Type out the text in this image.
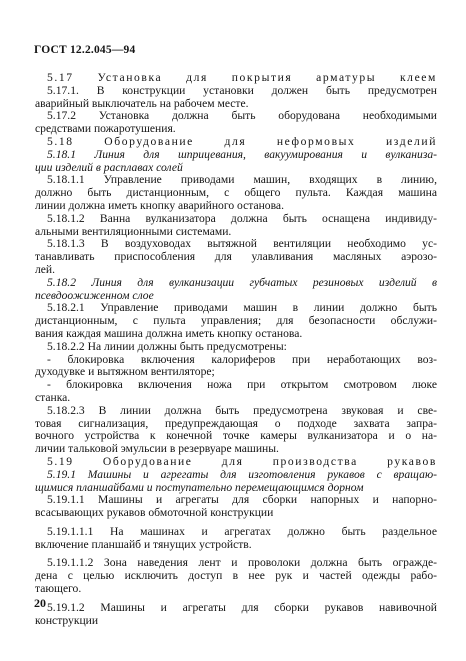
ГОСТ 12.2.045—94
5.17 Установка для покрытия арматуры клеем
5.17.1. В конструкции установки должен быть предусмотрен
аварийный выключатель на рабочем месте.
5.17.2 Установка должна быть оборудована необходимыми
средствами пожаротушения.
5.18 Оборудование для неформовых изделий
5.18.1 Линия для шприцевания, вакуумирования и вулканиза-
ции изделий в расплавах солей
5.18.1.1 Управление приводами машин, входящих в линию,
должно быть дистанционным, с общего пульта. Каждая машина
линии должна иметь кнопку аварийного останова.
5.18.1.2 Ванна вулканизатора должна быть оснащена индивиду-
альными вентиляционными системами.
5.18.1.3 В воздуховодах вытяжной вентиляции необходимо ус-
танавливать приспособления для улавливания масляных аэрозо-
лей.
5.18.2 Линия для вулканизации губчатых резиновых изделий в
псевдоожиженном слое
5.18.2.1 Управление приводами машин в линии должно быть
дистанционным, с пульта управления; для безопасности обслужи-
вания каждая машина должна иметь кнопку останова.
5.18.2.2 На линии должны быть предусмотрены:
- блокировка включения калориферов при неработающих воз-
духодувке и вытяжном вентиляторе;
- блокировка включения ножа при открытом смотровом люке
станка.
5.18.2.3 В линии должна быть предусмотрена звуковая и све-
товая сигнализация, предупреждающая о подходе захвата запра-
вочного устройства к конечной точке камеры вулканизатора и о на-
личии тальковой эмульсии в резервуаре машины.
5.19 Оборудование для производства рукавов
5.19.1 Машины и агрегаты для изготовления рукавов с вращаю-
щимися планшайбами и поступательно перемещающимся дорном
5.19.1.1 Машины и агрегаты для сборки напорных и напорно-
всасывающих рукавов обмоточной конструкции
5.19.1.1.1 На машинах и агрегатах должно быть раздельное
включение планшайб и тянущих устройств.
5.19.1.1.2 Зона наведения лент и проволоки должна быть огражде-
дена с целью исключить доступ в нее рук и частей одежды рабо-
тающего.
5.19.1.2 Машины и агрегаты для сборки рукавов навивочной
конструкции
20
